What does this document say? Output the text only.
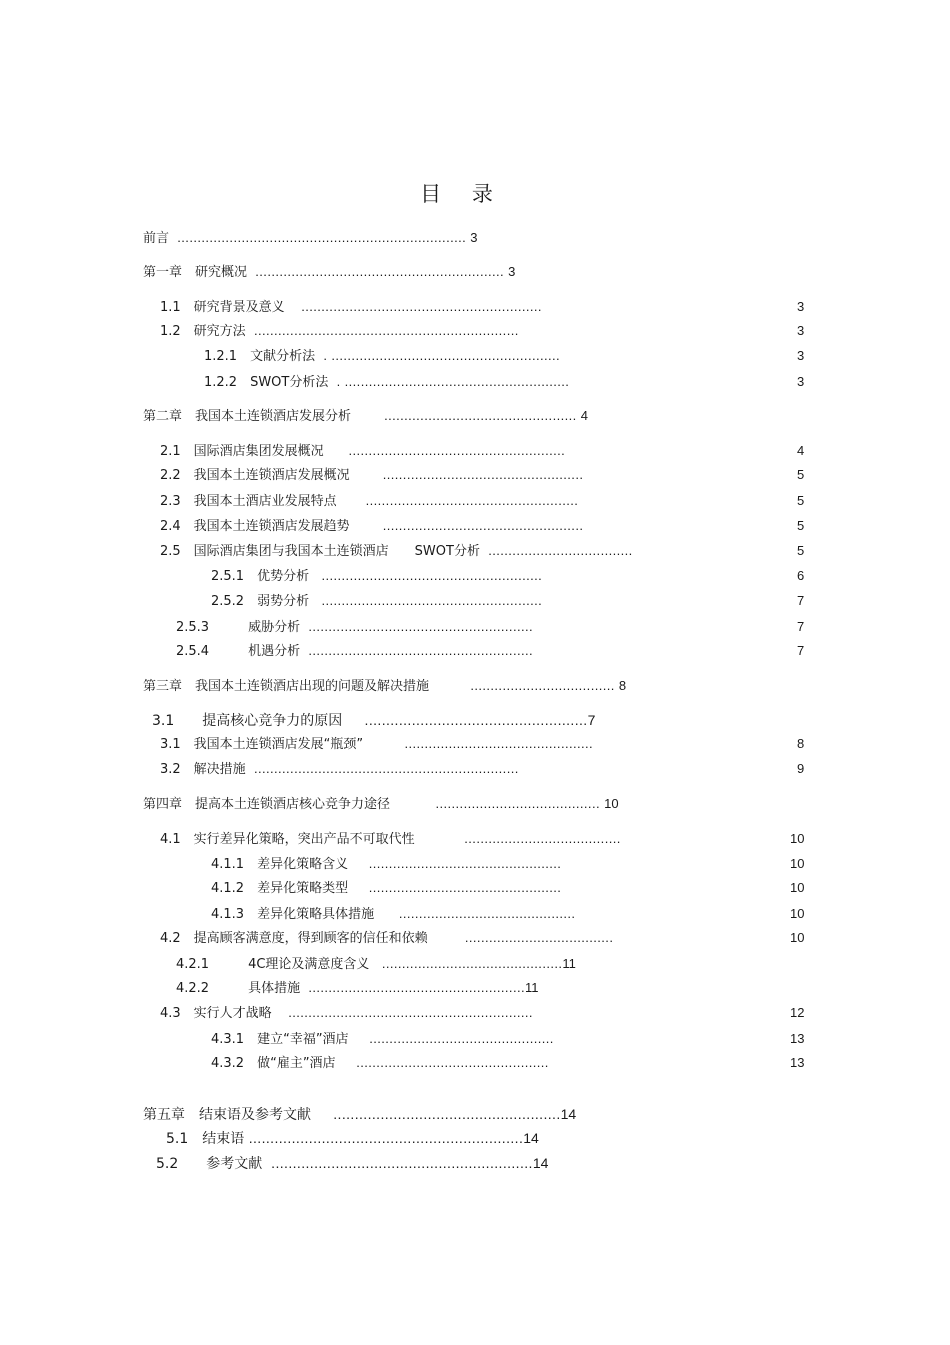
目 录
前言 ........................................................................ 3
第一章　研究概况 .............................................................. 3
1.1　研究背景及意义 ............................................................	3
1.2　研究方法 ..................................................................	3
1.2.1　文献分析法 . .........................................................	3
1.2.2　SWOT分析法 . ........................................................	3
第二章　我国本土连锁酒店发展分析	................................................ 4
2.1　国际酒店集团发展概况 ......................................................	4
2.2　我国本土连锁酒店发展概况	..................................................	5
2.3　我国本土酒店业发展特点 .....................................................	5
2.4　我国本土连锁酒店发展趋势	..................................................	5
2.5　国际酒店集团与我国本土连锁酒店　　SWOT分析 ....................................	5
2.5.1　优势分析 .......................................................	6
2.5.2　弱势分析 .......................................................	7
2.5.3　　　威胁分析 ........................................................	7
2.5.4　　　机遇分析 ........................................................	7
第三章　我国本土连锁酒店出现的问题及解决措施	.................................... 8
3.1　　提高核心竞争力的原因 ....................................................7
3.1　我国本土连锁酒店发展“瓶颈”	...............................................	8
3.2　解决措施 ..................................................................	9
第四章　提高本土连锁酒店核心竞争力途径	......................................... 10
4.1　实行差异化策略，突出产品不可取代性	.......................................	10
4.1.1　差异化策略含义 ................................................	10
4.1.2　差异化策略类型 ................................................	10
4.1.3　差异化策略具体措施 ............................................	10
4.2　提高顾客满意度，得到顾客的信任和依赖	.....................................	10
4.2.1　　　4C理论及满意度含义 .............................................11
4.2.2　　　具体措施 ......................................................11
4.3　实行人才战略 .............................................................	12
4.3.1　建立“幸福”酒店 ..............................................	13
4.3.2　做“雇主”酒店 ................................................	13
第五章　结束语及参考文献 .....................................................14
5.1　结束语 ................................................................14
5.2　　参考文献 .............................................................14
